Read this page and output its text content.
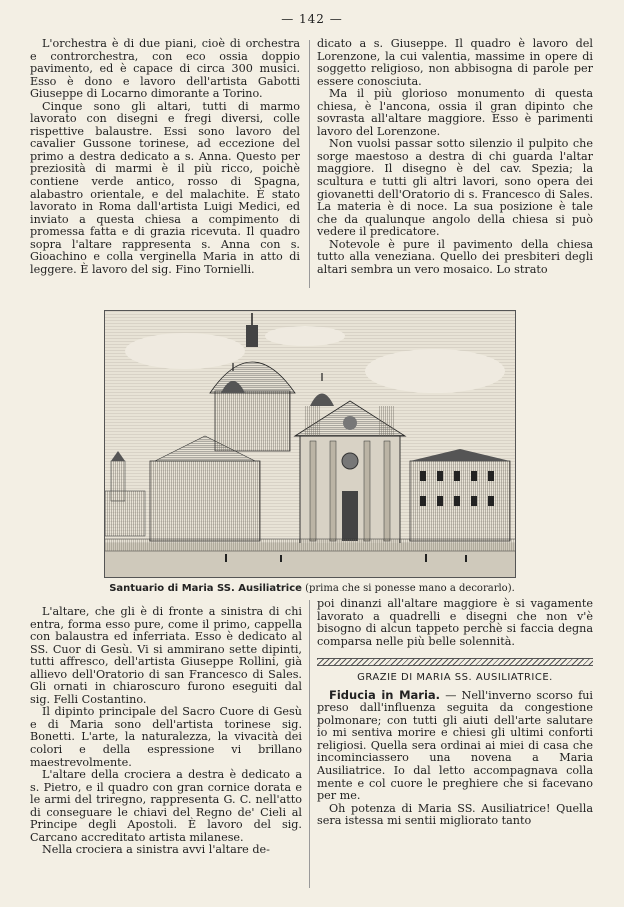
— 142 —

L'orchestra è di due piani, cioè di orchestra e controrchestra, con eco ossia doppio pavimento, ed è capace di circa 300 musici. Esso è dono e lavoro dell'artista Gabotti Giuseppe di Locarno dimorante a Torino.

Cinque sono gli altari, tutti di marmo lavorato con disegni e fregi diversi, colle rispettive balaustre. Essi sono lavoro del cavalier Gussone torinese, ad eccezione del primo a destra dedicato a s. Anna. Questo per preziosità di marmi è il più ricco, poichè contiene verde antico, rosso di Spagna, alabastro orientale, e del malachite. È stato lavorato in Roma dall'artista Luigi Medici, ed inviato a questa chiesa a compimento di promessa fatta e di grazia ricevuta. Il quadro sopra l'altare rappresenta s. Anna con s. Gioachino e colla verginella Maria in atto di leggere. È lavoro del sig. Fino Tornielli.

dicato a s. Giuseppe. Il quadro è lavoro del Lorenzone, la cui valentia, massime in opere di soggetto religioso, non abbisogna di parole per essere conosciuta.

Ma il più glorioso monumento di questa chiesa, è l'ancona, ossia il gran dipinto che sovrasta all'altare maggiore. Esso è parimenti lavoro del Lorenzone.

Non vuolsi passar sotto silenzio il pulpito che sorge maestoso a destra di chi guarda l'altar maggiore. Il disegno è del cav. Spezia; la scultura e tutti gli altri lavori, sono opera dei giovanetti dell'Oratorio di s. Francesco di Sales. La materia è di noce. La sua posizione è tale che da qualunque angolo della chiesa si può vedere il predicatore.

Notevole è pure il pavimento della chiesa tutto alla veneziana. Quello dei presbiteri degli altari sembra un vero mosaico. Lo strato

Santuario di Maria SS. Ausiliatrice (prima che si ponesse mano a decorarlo).

L'altare, che gli è di fronte a sinistra di chi entra, forma esso pure, come il primo, cappella con balaustra ed inferriata. Esso è dedicato al SS. Cuor di Gesù. Vi si ammirano sette dipinti, tutti affresco, dell'artista Giuseppe Rollini, già allievo dell'Oratorio di san Francesco di Sales. Gli ornati in chiaroscuro furono eseguiti dal sig. Felli Costantino.

Il dipinto principale del Sacro Cuore di Gesù e di Maria sono dell'artista torinese sig. Bonetti. L'arte, la naturalezza, la vivacità dei colori e della espressione vi brillano maestrevolmente.

L'altare della crociera a destra è dedicato a s. Pietro, e il quadro con gran cornice dorata e le armi del triregno, rappresenta G. C. nell'atto di conseguare le chiavi del Regno de' Cieli al Principe degli Apostoli. È lavoro del sig. Carcano accreditato artista milanese.

Nella crociera a sinistra avvi l'altare de-

poi dinanzi all'altare maggiore è si vagamente lavorato a quadrelli e disegni che non v'è bisogno di alcun tappeto perchè si faccia degna comparsa nelle più belle solennità.

GRAZIE DI MARIA SS. AUSILIATRICE.

Fiducia in Maria. — Nell'inverno scorso fui preso dall'influenza seguita da congestione polmonare; con tutti gli aiuti dell'arte salutare io mi sentiva morire e chiesi gli ultimi conforti religiosi. Quella sera ordinai ai miei di casa che incominciassero una novena a Maria Ausiliatrice. Io dal letto accompagnava colla mente e col cuore le preghiere che si facevano per me.

Oh potenza di Maria SS. Ausiliatrice! Quella sera istessa mi sentii migliorato tanto
